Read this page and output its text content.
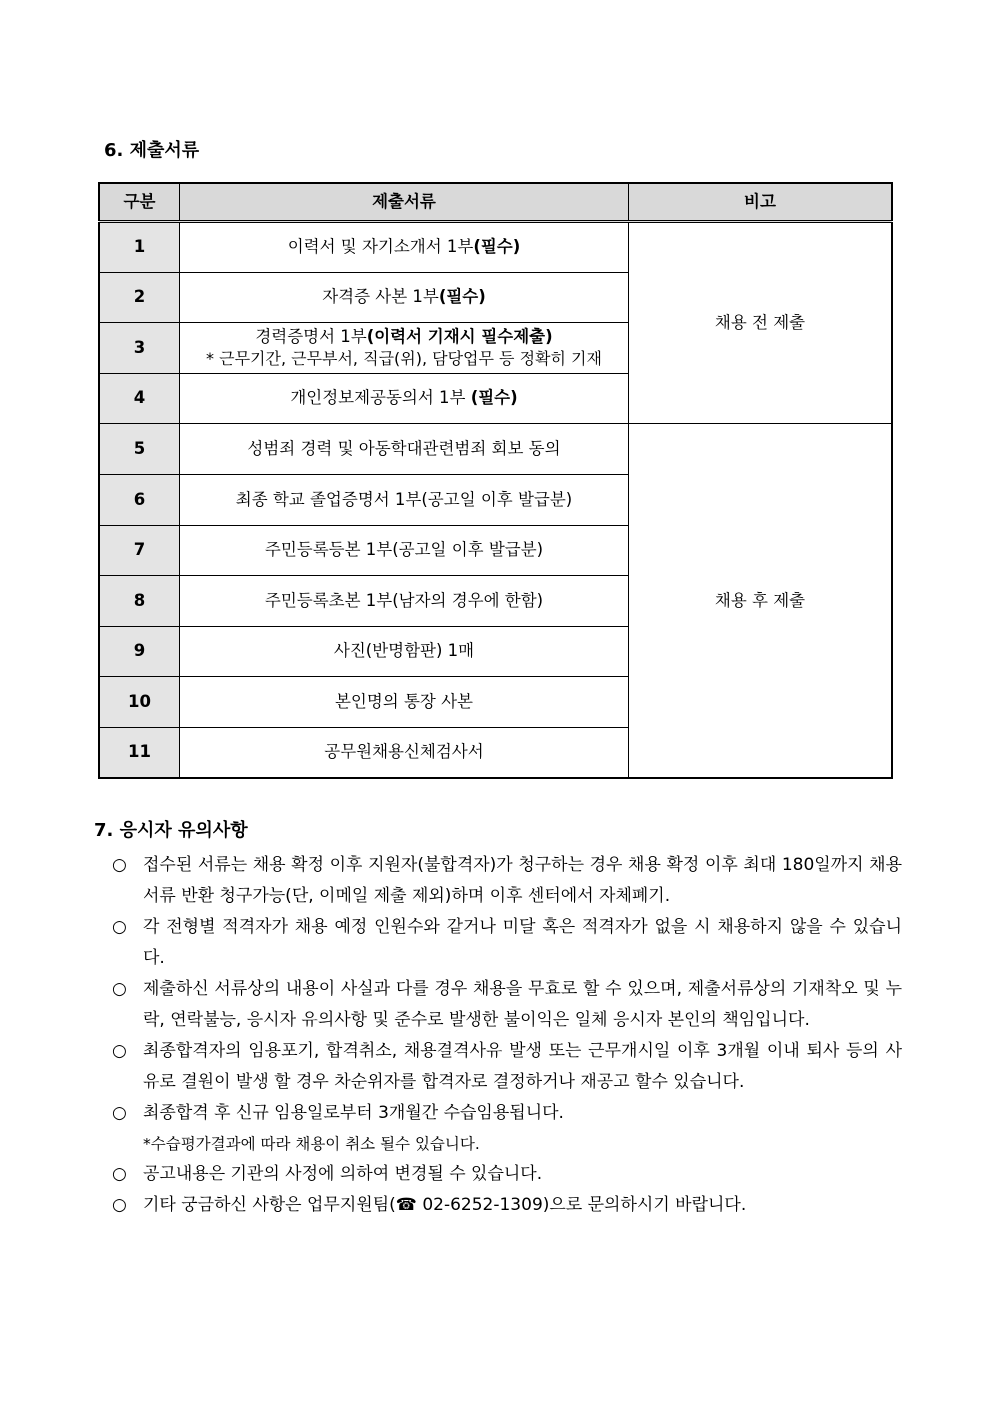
6. 제출서류
구분	제출서류	비고
1	이력서 및 자기소개서 1부(필수)	채용 전 제출
2	자격증 사본 1부(필수)	
3	경력증명서 1부(이력서 기재시 필수제출)
* 근무기간, 근무부서, 직급(위), 담당업무 등 정확히 기재	

4	개인정보제공동의서 1부 (필수)	
5	성범죄 경력 및 아동학대관련범죄 회보 동의	채용 후 제출
6	최종 학교 졸업증명서 1부(공고일 이후 발급분)	
7	주민등록등본 1부(공고일 이후 발급분)	
8	주민등록초본 1부(남자의 경우에 한함)	
9	사진(반명함판) 1매	
10	본인명의 통장 사본	
11	공무원채용신체검사서	
7. 응시자 유의사항
○ 접수된 서류는 채용 확정 이후 지원자(불합격자)가 청구하는 경우 채용 확정 이후 최대 180일까지 채용서류 반환 청구가능(단, 이메일 제출 제외)하며 이후 센터에서 자체폐기.
○ 각 전형별 적격자가 채용 예정 인원수와 같거나 미달 혹은 적격자가 없을 시 채용하지 않을 수 있습니다.
○ 제출하신 서류상의 내용이 사실과 다를 경우 채용을 무효로 할 수 있으며, 제출서류상의 기재착오 및 누락, 연락불능, 응시자 유의사항 및 준수로 발생한 불이익은 일체 응시자 본인의 책임입니다.
○ 최종합격자의 임용포기, 합격취소, 채용결격사유 발생 또는 근무개시일 이후 3개월 이내 퇴사 등의 사유로 결원이 발생 할 경우 차순위자를 합격자로 결정하거나 재공고 할수 있습니다.
○ 최종합격 후 신규 임용일로부터 3개월간 수습임용됩니다.
*수습평가결과에 따라 채용이 취소 될수 있습니다.
○ 공고내용은 기관의 사정에 의하여 변경될 수 있습니다.
○ 기타 궁금하신 사항은 업무지원팀(☎ 02-6252-1309)으로 문의하시기 바랍니다.
